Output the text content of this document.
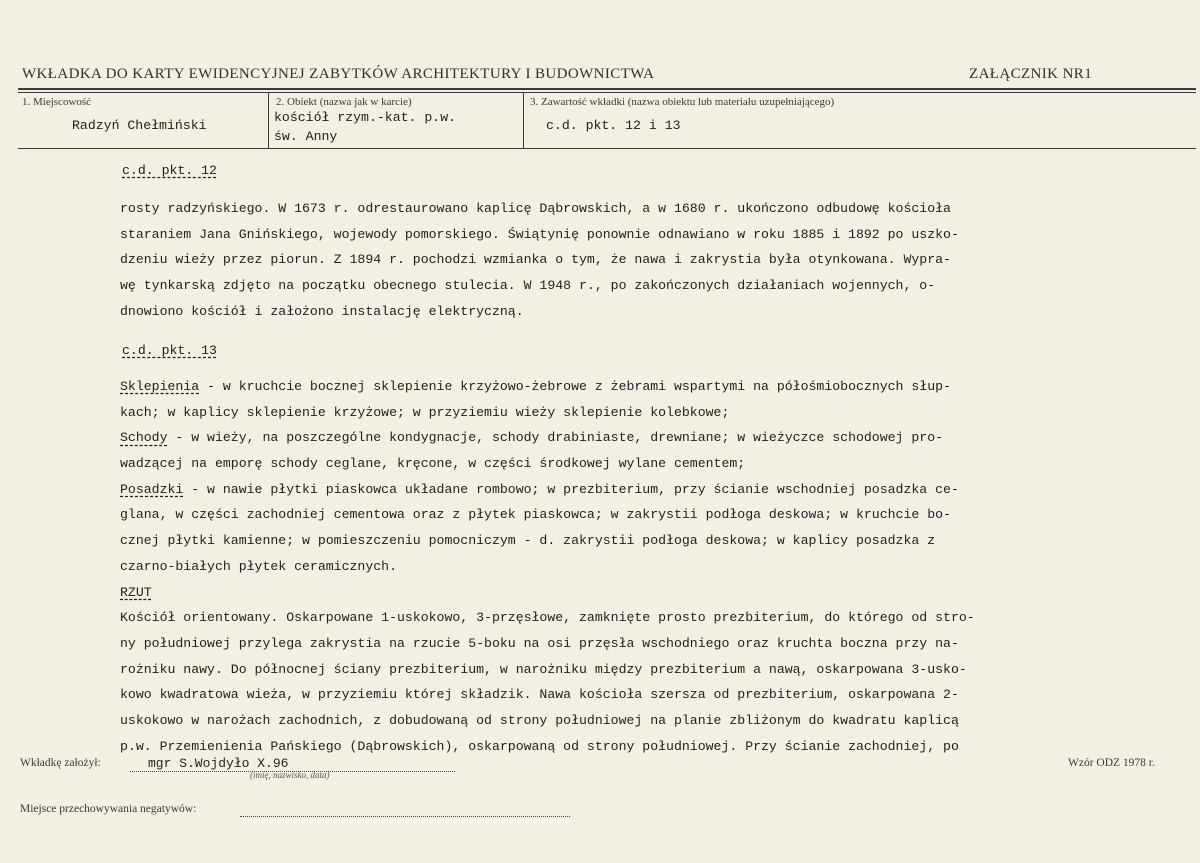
WKŁADKA DO KARTY EWIDENCYJNEJ ZABYTKÓW ARCHITEKTURY I BUDOWNICTWA	ZAŁĄCZNIK NR1
1. Miejscowość
Radzyń Chełmiński
2. Obiekt (nazwa jak w karcie)
kościół rzym.-kat. p.w.
św. Anny
3. Zawartość wkładki (nazwa obiektu lub materiału uzupełniającego)
c.d. pkt. 12 i 13
c.d. pkt. 12
rosty radzyńskiego. W 1673 r. odrestaurowano kaplicę Dąbrowskich, a w 1680 r. ukończono odbudowę kościoła
staraniem Jana Gnińskiego, wojewody pomorskiego. Świątynię ponownie odnawiano w roku 1885 i 1892 po uszko-
dzeniu wieży przez piorun. Z 1894 r. pochodzi wzmianka o tym, że nawa i zakrystia była otynkowana. Wypra-
wę tynkarską zdjęto na początku obecnego stulecia. W 1948 r., po zakończonych działaniach wojennych, o-
dnowiono kościół i założono instalację elektryczną.
c.d. pkt. 13
Sklepienia - w kruchcie bocznej sklepienie krzyżowo-żebrowe z żebrami wspartymi na półośmiobocznych słup-
kach; w kaplicy sklepienie krzyżowe; w przyziemiu wieży sklepienie kolebkowe;
Schody - w wieży, na poszczególne kondygnacje, schody drabiniaste, drewniane; w wieżyczce schodowej pro-
wadzącej na emporę schody ceglane, kręcone, w części środkowej wylane cementem;
Posadzki - w nawie płytki piaskowca układane rombowo; w prezbiterium, przy ścianie wschodniej posadzka ce-
glana, w części zachodniej cementowa oraz z płytek piaskowca; w zakrystii podłoga deskowa; w kruchcie bo-
cznej płytki kamienne; w pomieszczeniu pomocniczym - d. zakrystii podłoga deskowa; w kaplicy posadzka z
czarno-białych płytek ceramicznych.
RZUT
Kościół orientowany. Oskarpowane 1-uskokowo, 3-przęsłowe, zamknięte prosto prezbiterium, do którego od stro-
ny południowej przylega zakrystia na rzucie 5-boku na osi przęsła wschodniego oraz kruchta boczna przy na-
rożniku nawy. Do północnej ściany prezbiterium, w narożniku między prezbiterium a nawą, oskarpowana 3-usko-
kowo kwadratowa wieża, w przyziemiu której składzik. Nawa kościoła szersza od prezbiterium, oskarpowana 2-
uskokowo w narożach zachodnich, z dobudowaną od strony południowej na planie zbliżonym do kwadratu kaplicą
p.w. Przemienienia Pańskiego (Dąbrowskich), oskarpowaną od strony południowej. Przy ścianie zachodniej, po
Wkładkę założył:	mgr S.Wojdyło X.96
(imię, nazwisko, data)
Wzór ODZ 1978 r.
Miejsce przechowywania negatywów:
